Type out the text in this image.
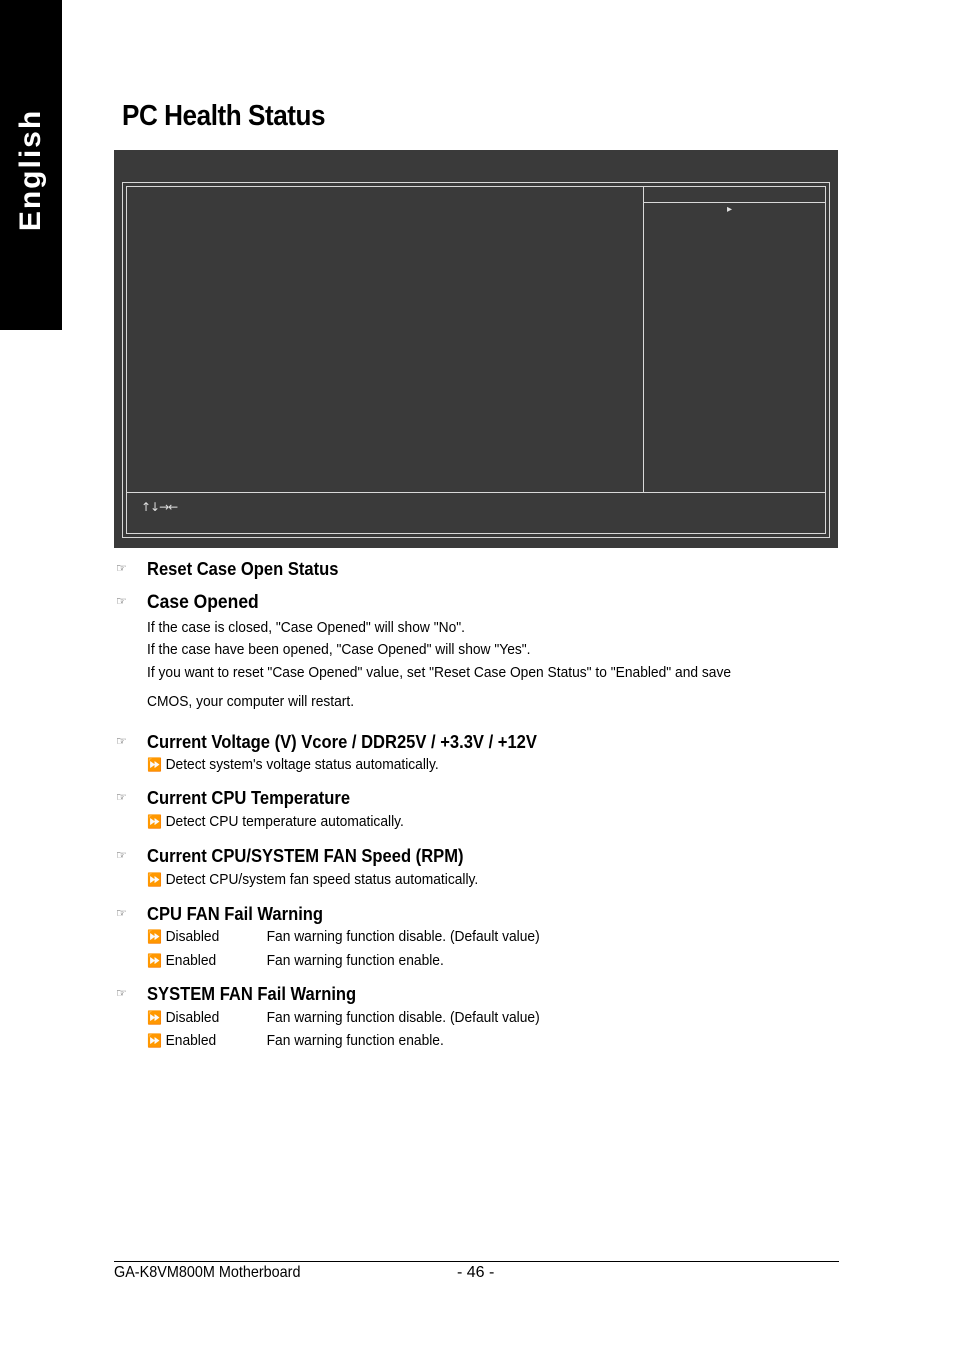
English	PC Health Status
▸
↑↓→←
☞ Reset Case Open Status
☞ Case Opened
If the case is closed, "Case Opened" will show "No".
If the case have been opened, "Case Opened" will show "Yes".
If you want to reset "Case Opened" value, set "Reset Case Open Status" to "Enabled" and save
CMOS, your computer will restart.
☞ Current Voltage (V) Vcore / DDR25V / +3.3V / +12V
⏩ Detect system's voltage status automatically.
☞ Current CPU Temperature
⏩ Detect CPU temperature automatically.
☞ Current CPU/SYSTEM FAN Speed (RPM)
⏩ Detect CPU/system fan speed status automatically.
☞ CPU FAN Fail Warning
⏩ Disabled	Fan warning function disable. (Default value)
⏩ Enabled	Fan warning function enable.
☞ SYSTEM FAN Fail Warning
⏩ Disabled	Fan warning function disable. (Default value)
⏩ Enabled	Fan warning function enable.
GA-K8VM800M Motherboard	- 46 -
